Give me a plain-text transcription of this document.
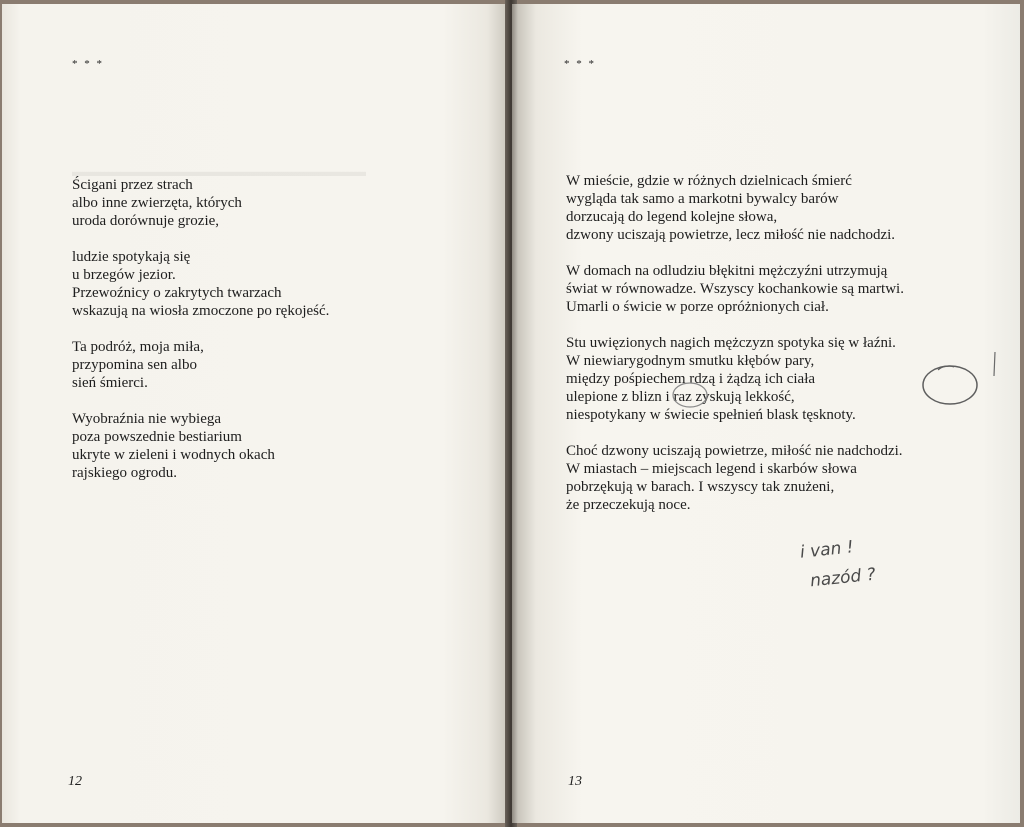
▬▬▬▬▬▬▬▬▬▬▬▬▬▬▬▬▬▬▬▬▬
* * *
Ścigani przez strach
albo inne zwierzęta, których
uroda dorównuje grozie,
ludzie spotykają się
u brzegów jezior.
Przewoźnicy o zakrytych twarzach
wskazują na wiosła zmoczone po rękojeść.
Ta podróż, moja miła,
przypomina sen albo
sień śmierci.
Wyobraźnia nie wybiega
poza powszednie bestiarium
ukryte w zieleni i wodnych okach
rajskiego ogrodu.
12
* * *
W mieście, gdzie w różnych dzielnicach śmierć
wygląda tak samo a markotni bywalcy barów
dorzucają do legend kolejne słowa,
dzwony uciszają powietrze, lecz miłość nie nadchodzi.
W domach na odludziu błękitni mężczyźni utrzymują
świat w równowadze. Wszyscy kochankowie są martwi.
Umarli o świcie w porze opróżnionych ciał.
Stu uwięzionych nagich mężczyzn spotyka się w łaźni.
W niewiarygodnym smutku kłębów pary,
między pośpiechem rdzą i żądzą ich ciała
ulepione z blizn i raz zyskują lekkość,
niespotykany w świecie spełnień blask tęsknoty.
Choć dzwony uciszają powietrze, miłość nie nadchodzi.
W miastach – miejscach legend i skarbów słowa
pobrzękują w barach. I wszyscy tak znużeni,
że przeczekują noce.
13
i van !
nazód ?
